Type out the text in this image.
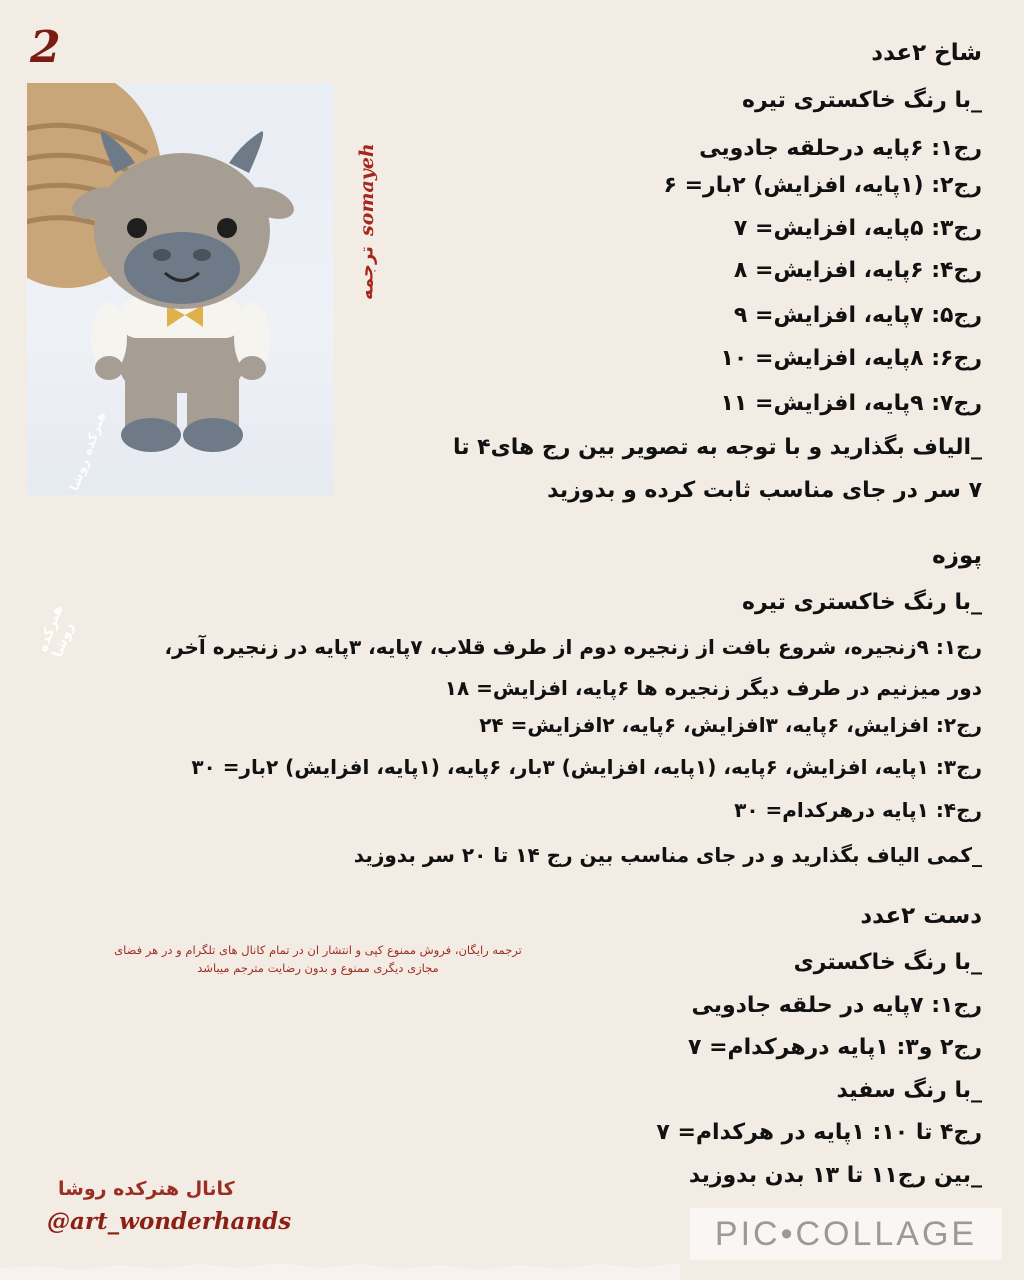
2
هنرکده روشا
ترجمه
somayeh
هنرکده روشا
شاخ ۲عدد
_با رنگ خاکستری تیره
رج۱: ۶پایه درحلقه جادویی
رج۲: (۱پایه، افزایش) ۲بار= ۶
رج۳: ۵پایه، افزایش= ۷
رج۴: ۶پایه، افزایش= ۸
رج۵: ۷پایه، افزایش= ۹
رج۶: ۸پایه، افزایش= ۱۰
رج۷: ۹پایه، افزایش= ۱۱
_الیاف بگذارید و با توجه به تصویر بین رج های۴ تا
۷ سر در جای مناسب ثابت کرده و بدوزید
پوزه
_با رنگ خاکستری تیره
رج۱: ۹زنجیره، شروع بافت از زنجیره دوم از طرف قلاب، ۷پایه، ۳پایه در زنجیره آخر،
دور میزنیم در طرف دیگر زنجیره ها ۶پایه، افزایش= ۱۸
رج۲: افزایش، ۶پایه، ۳افزایش، ۶پایه، ۲افزایش= ۲۴
رج۳: ۱پایه، افزایش، ۶پایه، (۱پایه، افزایش) ۳بار، ۶پایه، (۱پایه، افزایش) ۲بار= ۳۰
رج۴: ۱پایه درهرکدام= ۳۰
_کمی الیاف بگذارید و در جای مناسب بین رج ۱۴ تا ۲۰ سر بدوزید
دست ۲عدد
_با رنگ خاکستری
رج۱: ۷پایه در حلقه جادویی
رج۲ و۳: ۱پایه درهرکدام= ۷
_با رنگ سفید
رج۴ تا ۱۰: ۱پایه در هرکدام= ۷
_بین رج۱۱ تا ۱۳ بدن بدوزید
ترجمه رایگان، فروش ممنوع کپی و انتشار ان در تمام کانال های تلگرام و در هر فضای
مجازی دیگری ممنوع و بدون رضایت مترجم میباشد
کانال هنرکده روشا
@art_wonderhands	PIC•COLLAGE
